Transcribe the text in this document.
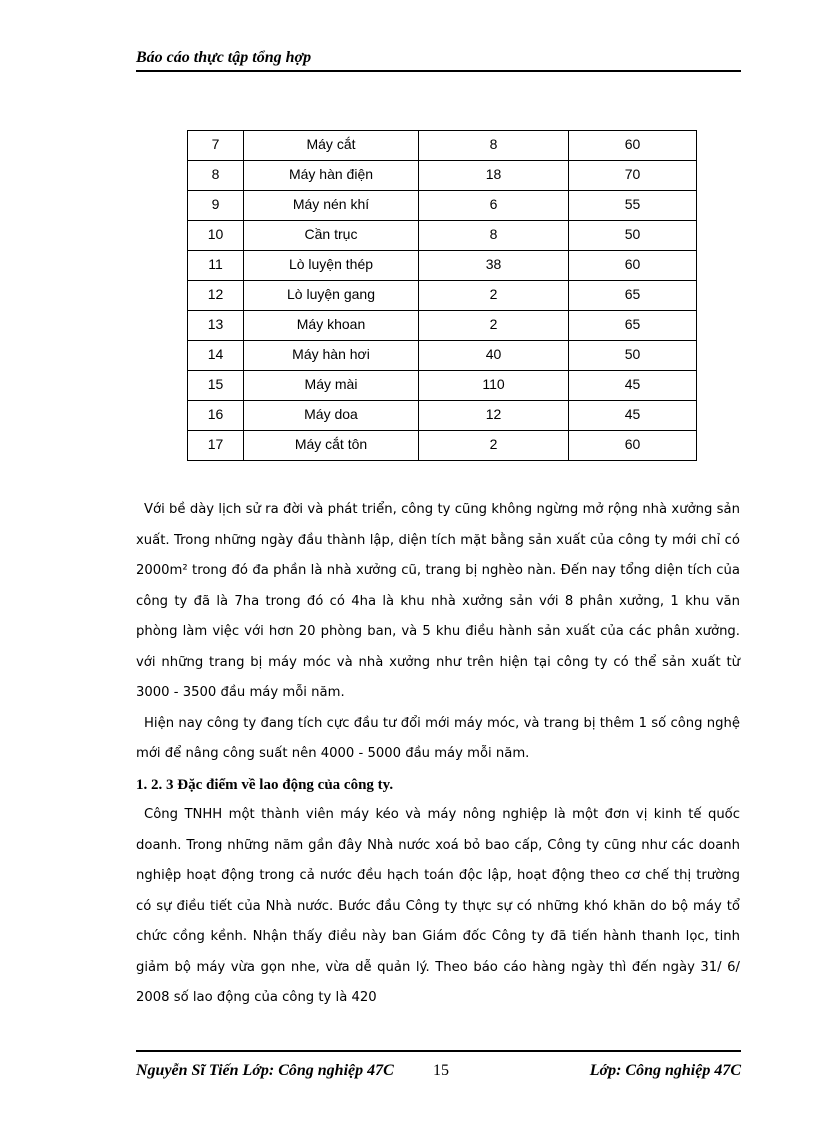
Báo cáo thực tập tổng hợp
7	Máy cắt	8	60
8	Máy hàn điện	18	70
9	Máy nén khí	6	55
10	Cần trục	8	50
11	Lò luyện thép	38	60
12	Lò luyện gang	2	65
13	Máy khoan	2	65
14	Máy hàn hơi	40	50
15	Máy mài	110	45
16	Máy doa	12	45
17	Máy cắt tôn	2	60

Với bề dày lịch sử ra đời và phát triển, công ty cũng không ngừng mở rộng nhà xưởng sản xuất. Trong những ngày đầu thành lập, diện tích mặt bằng sản xuất của công ty mới chỉ có 2000m² trong đó đa phần là nhà xưởng cũ, trang bị nghèo nàn. Đến nay tổng diện tích của công ty đã là 7ha trong đó có 4ha là khu nhà xưởng sản với 8 phân xưởng, 1 khu văn phòng làm việc với hơn 20 phòng ban, và 5 khu điều hành sản xuất của các phân xưởng. với những trang bị máy móc và nhà xưởng như trên hiện tại công ty có thể sản xuất từ 3000 - 3500 đầu máy mỗi năm.

Hiện nay công ty đang tích cực đầu tư đổi mới máy móc, và trang bị thêm 1 số công nghệ mới để nâng công suất nên 4000 - 5000 đầu máy mỗi năm.

1. 2. 3 Đặc điểm về lao động của công ty.

Công TNHH một thành viên máy kéo và máy nông nghiệp là một đơn vị kinh tế quốc doanh. Trong những năm gần đây Nhà nước xoá bỏ bao cấp, Công ty cũng như các doanh nghiệp hoạt động trong cả nước đều hạch toán độc lập, hoạt động theo cơ chế thị trường có sự điều tiết của Nhà nước. Bước đầu Công ty thực sự có những khó khăn do bộ máy tổ chức cồng kềnh. Nhận thấy điều này ban Giám đốc Công ty đã tiến hành thanh lọc, tinh giảm bộ máy vừa gọn nhe, vừa dễ quản lý. Theo báo cáo hàng ngày thì đến ngày 31/ 6/ 2008 số lao động của công ty là 420

Nguyễn Sĩ Tiến Lớp: Công nghiệp 47C 15	Lớp: Công nghiệp 47C
